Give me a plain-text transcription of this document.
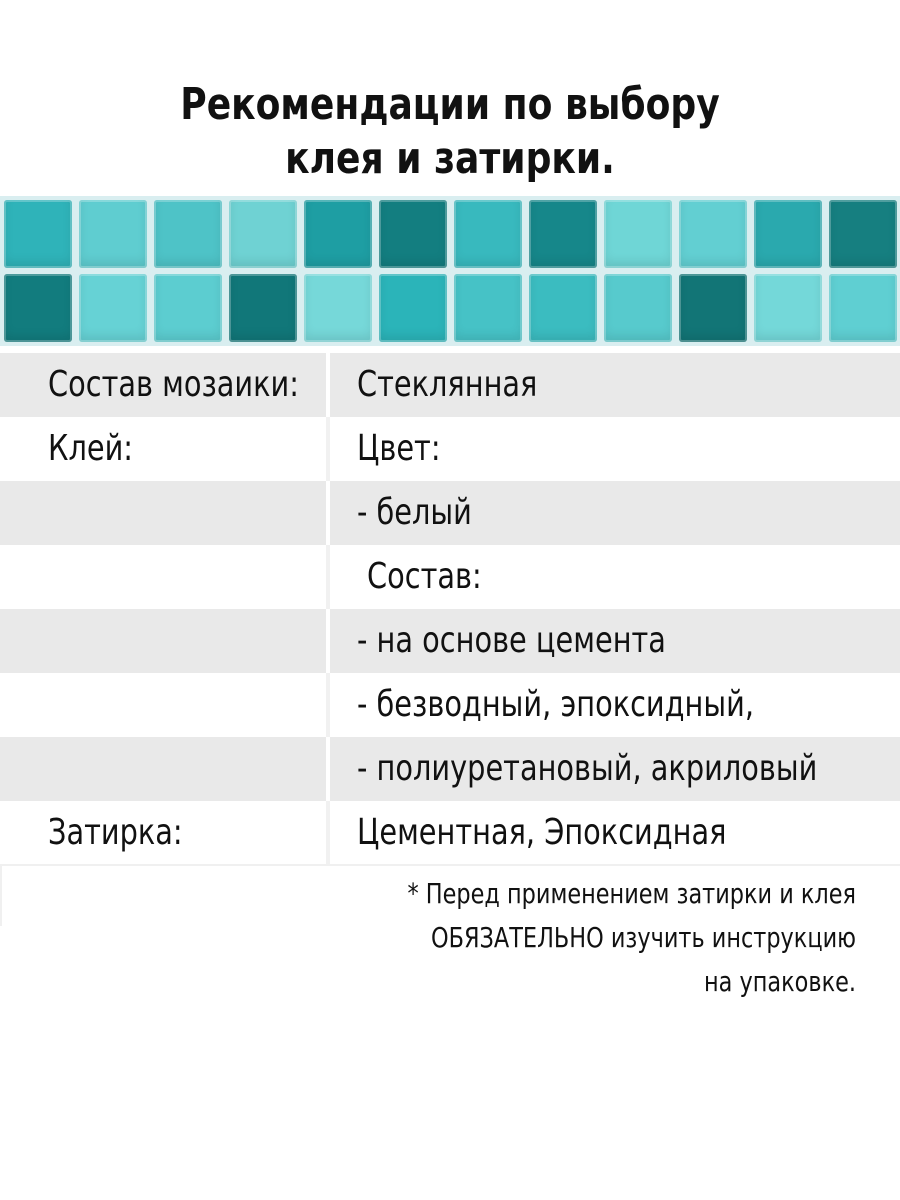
Рекомендации по выбору
клея и затирки.
Состав мозаики: Стеклянная
Клей:	Цвет:
- белый
Состав:
- на основе цемента
- безводный, эпоксидный,
- полиуретановый, акриловый
Затирка:	Цементная, Эпоксидная
* Перед применением затирки и клея
ОБЯЗАТЕЛЬНО изучить инструкцию
на упаковке.
